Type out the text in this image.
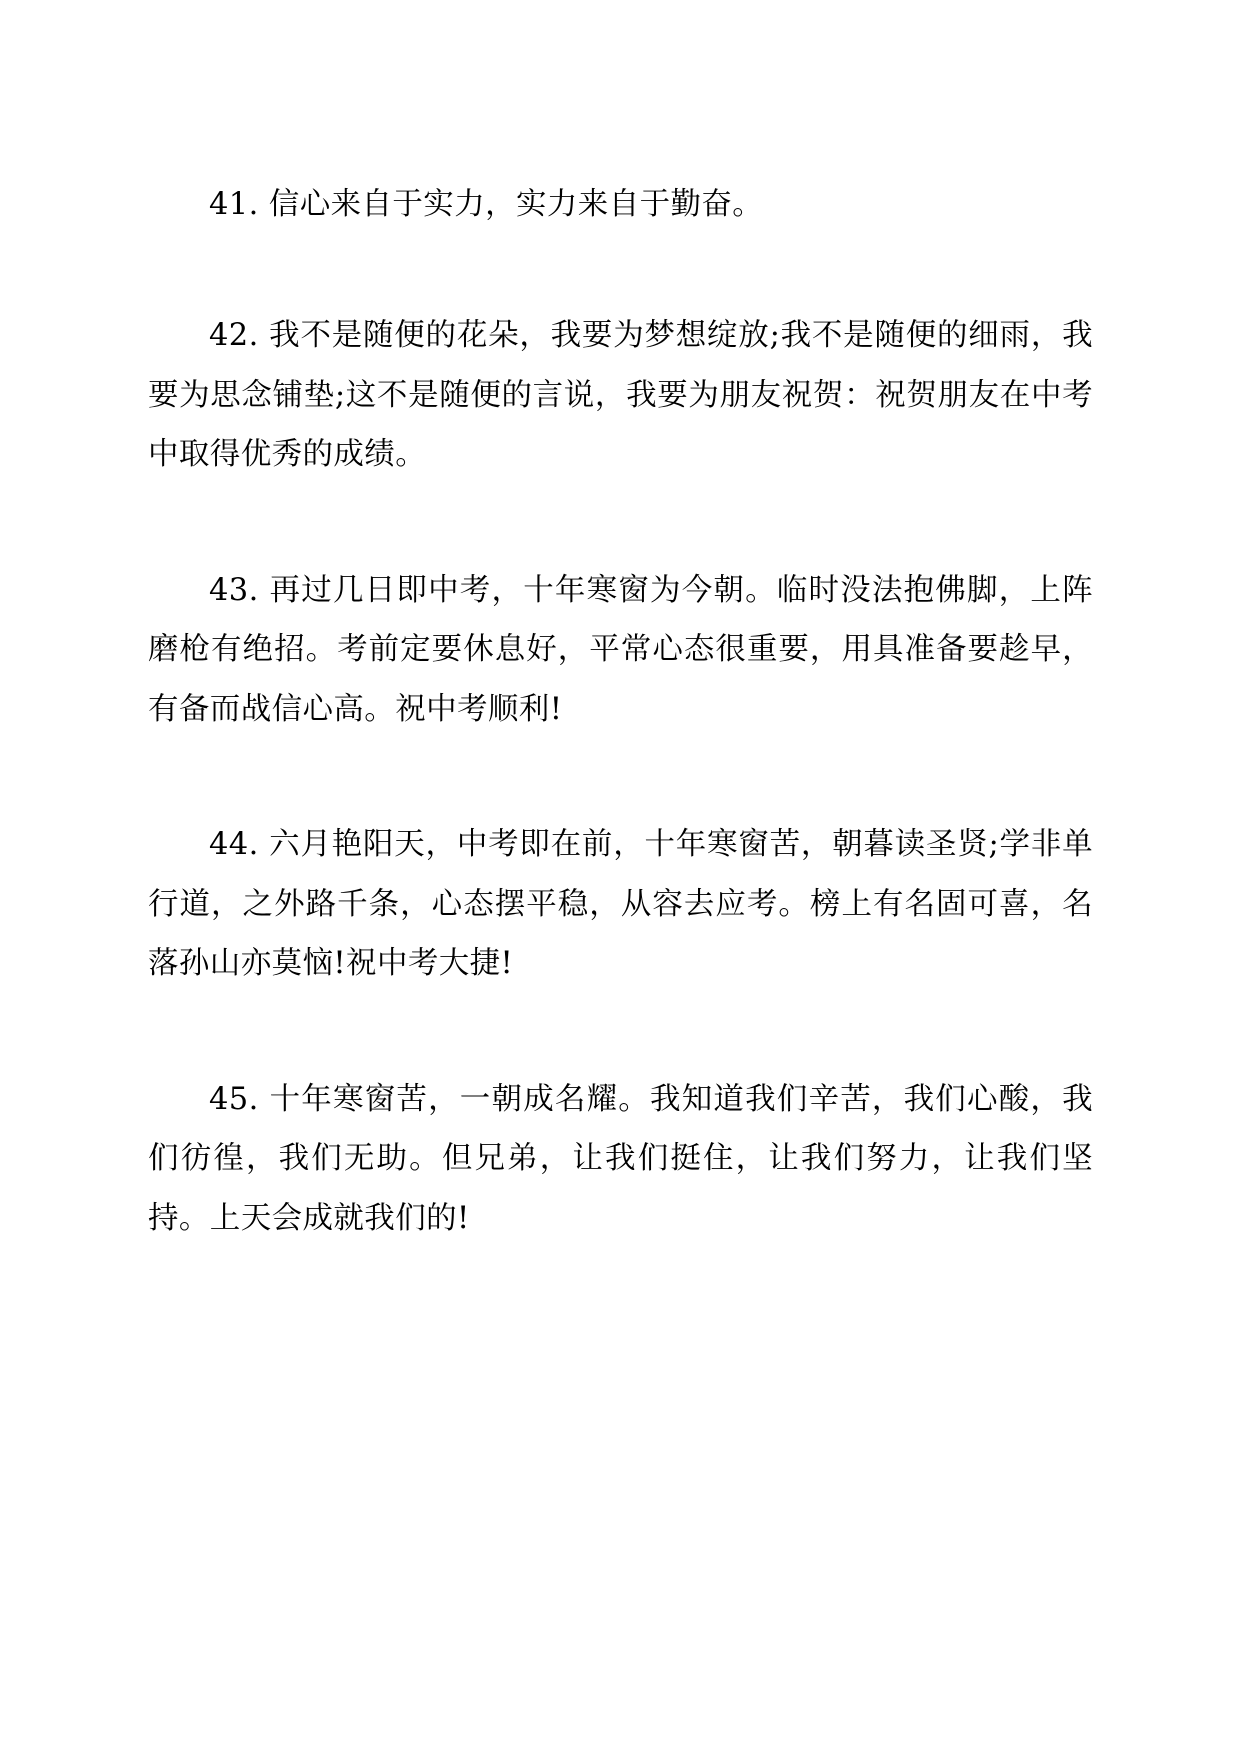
41. 信心来自于实力，实力来自于勤奋。

42. 我不是随便的花朵，我要为梦想绽放;我不是随便的细雨，我要为思念铺垫;这不是随便的言说，我要为朋友祝贺：祝贺朋友在中考中取得优秀的成绩。

43. 再过几日即中考，十年寒窗为今朝。临时没法抱佛脚，上阵磨枪有绝招。考前定要休息好，平常心态很重要，用具准备要趁早，有备而战信心高。祝中考顺利!

44. 六月艳阳天，中考即在前，十年寒窗苦，朝暮读圣贤;学非单行道，之外路千条，心态摆平稳，从容去应考。榜上有名固可喜，名落孙山亦莫恼!祝中考大捷!

45. 十年寒窗苦，一朝成名耀。我知道我们辛苦，我们心酸，我们彷徨，我们无助。但兄弟，让我们挺住，让我们努力，让我们坚持。上天会成就我们的!
